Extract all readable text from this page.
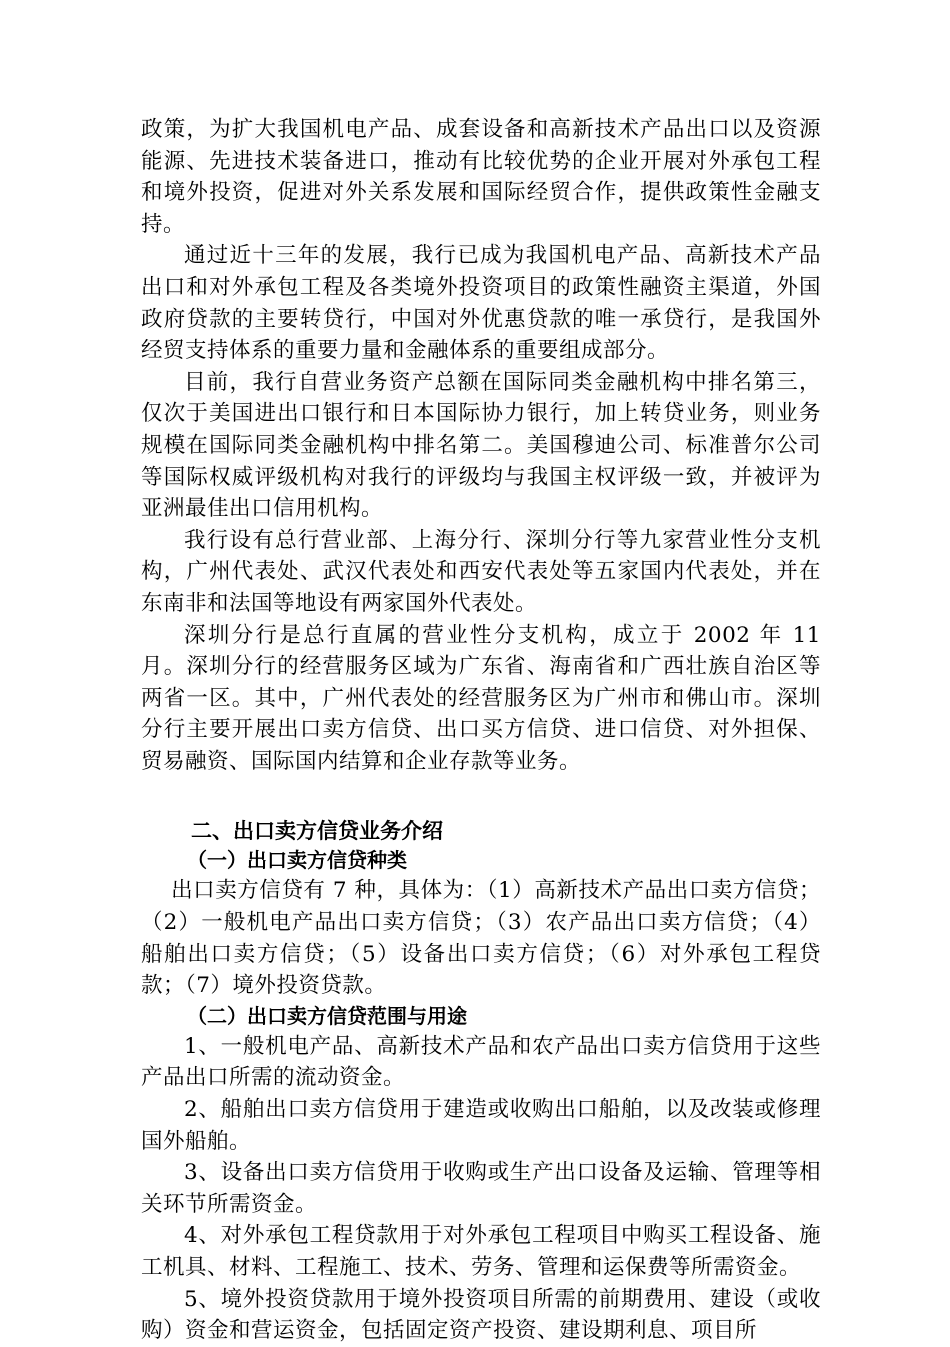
政策，为扩大我国机电产品、成套设备和高新技术产品出口以及资源能源、先进技术装备进口，推动有比较优势的企业开展对外承包工程和境外投资，促进对外关系发展和国际经贸合作，提供政策性金融支持。

通过近十三年的发展，我行已成为我国机电产品、高新技术产品出口和对外承包工程及各类境外投资项目的政策性融资主渠道，外国政府贷款的主要转贷行，中国对外优惠贷款的唯一承贷行，是我国外经贸支持体系的重要力量和金融体系的重要组成部分。

目前，我行自营业务资产总额在国际同类金融机构中排名第三，仅次于美国进出口银行和日本国际协力银行，加上转贷业务，则业务规模在国际同类金融机构中排名第二。美国穆迪公司、标准普尔公司等国际权威评级机构对我行的评级均与我国主权评级一致，并被评为亚洲最佳出口信用机构。

我行设有总行营业部、上海分行、深圳分行等九家营业性分支机构，广州代表处、武汉代表处和西安代表处等五家国内代表处，并在东南非和法国等地设有两家国外代表处。

深圳分行是总行直属的营业性分支机构，成立于 2002 年 11 月。深圳分行的经营服务区域为广东省、海南省和广西壮族自治区等两省一区。其中，广州代表处的经营服务区为广州市和佛山市。深圳分行主要开展出口卖方信贷、出口买方信贷、进口信贷、对外担保、贸易融资、国际国内结算和企业存款等业务。

二、出口卖方信贷业务介绍
（一）出口卖方信贷种类

出口卖方信贷有 7 种，具体为：（1）高新技术产品出口卖方信贷；（2）一般机电产品出口卖方信贷；（3）农产品出口卖方信贷；（4）船舶出口卖方信贷；（5）设备出口卖方信贷；（6）对外承包工程贷款；（7）境外投资贷款。

（二）出口卖方信贷范围与用途

1、一般机电产品、高新技术产品和农产品出口卖方信贷用于这些产品出口所需的流动资金。

2、船舶出口卖方信贷用于建造或收购出口船舶，以及改装或修理国外船舶。

3、设备出口卖方信贷用于收购或生产出口设备及运输、管理等相关环节所需资金。

4、对外承包工程贷款用于对外承包工程项目中购买工程设备、施工机具、材料、工程施工、技术、劳务、管理和运保费等所需资金。

5、境外投资贷款用于境外投资项目所需的前期费用、建设（或收购）资金和营运资金，包括固定资产投资、建设期利息、项目所
